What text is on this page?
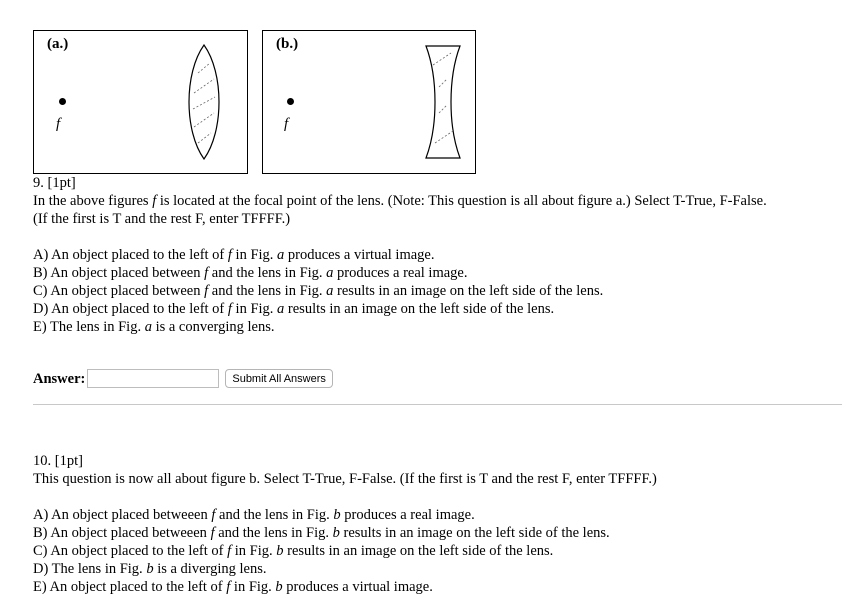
(a.)
f
(b.)
f
9. [1pt]
In the above figures f is located at the focal point of the lens. (Note: This question is all about figure a.) Select T-True, F-False.
(If the first is T and the rest F, enter TFFFF.)
A) An object placed to the left of f in Fig. a produces a virtual image.
B) An object placed between f and the lens in Fig. a produces a real image.
C) An object placed between f and the lens in Fig. a results in an image on the left side of the lens.
D) An object placed to the left of f in Fig. a results in an image on the left side of the lens.
E) The lens in Fig. a is a converging lens.
Answer:	Submit All Answers
10. [1pt]
This question is now all about figure b. Select T-True, F-False. (If the first is T and the rest F, enter TFFFF.)
A) An object placed betweeen f and the lens in Fig. b produces a real image.
B) An object placed betweeen f and the lens in Fig. b results in an image on the left side of the lens.
C) An object placed to the left of f in Fig. b results in an image on the left side of the lens.
D) The lens in Fig. b is a diverging lens.
E) An object placed to the left of f in Fig. b produces a virtual image.
